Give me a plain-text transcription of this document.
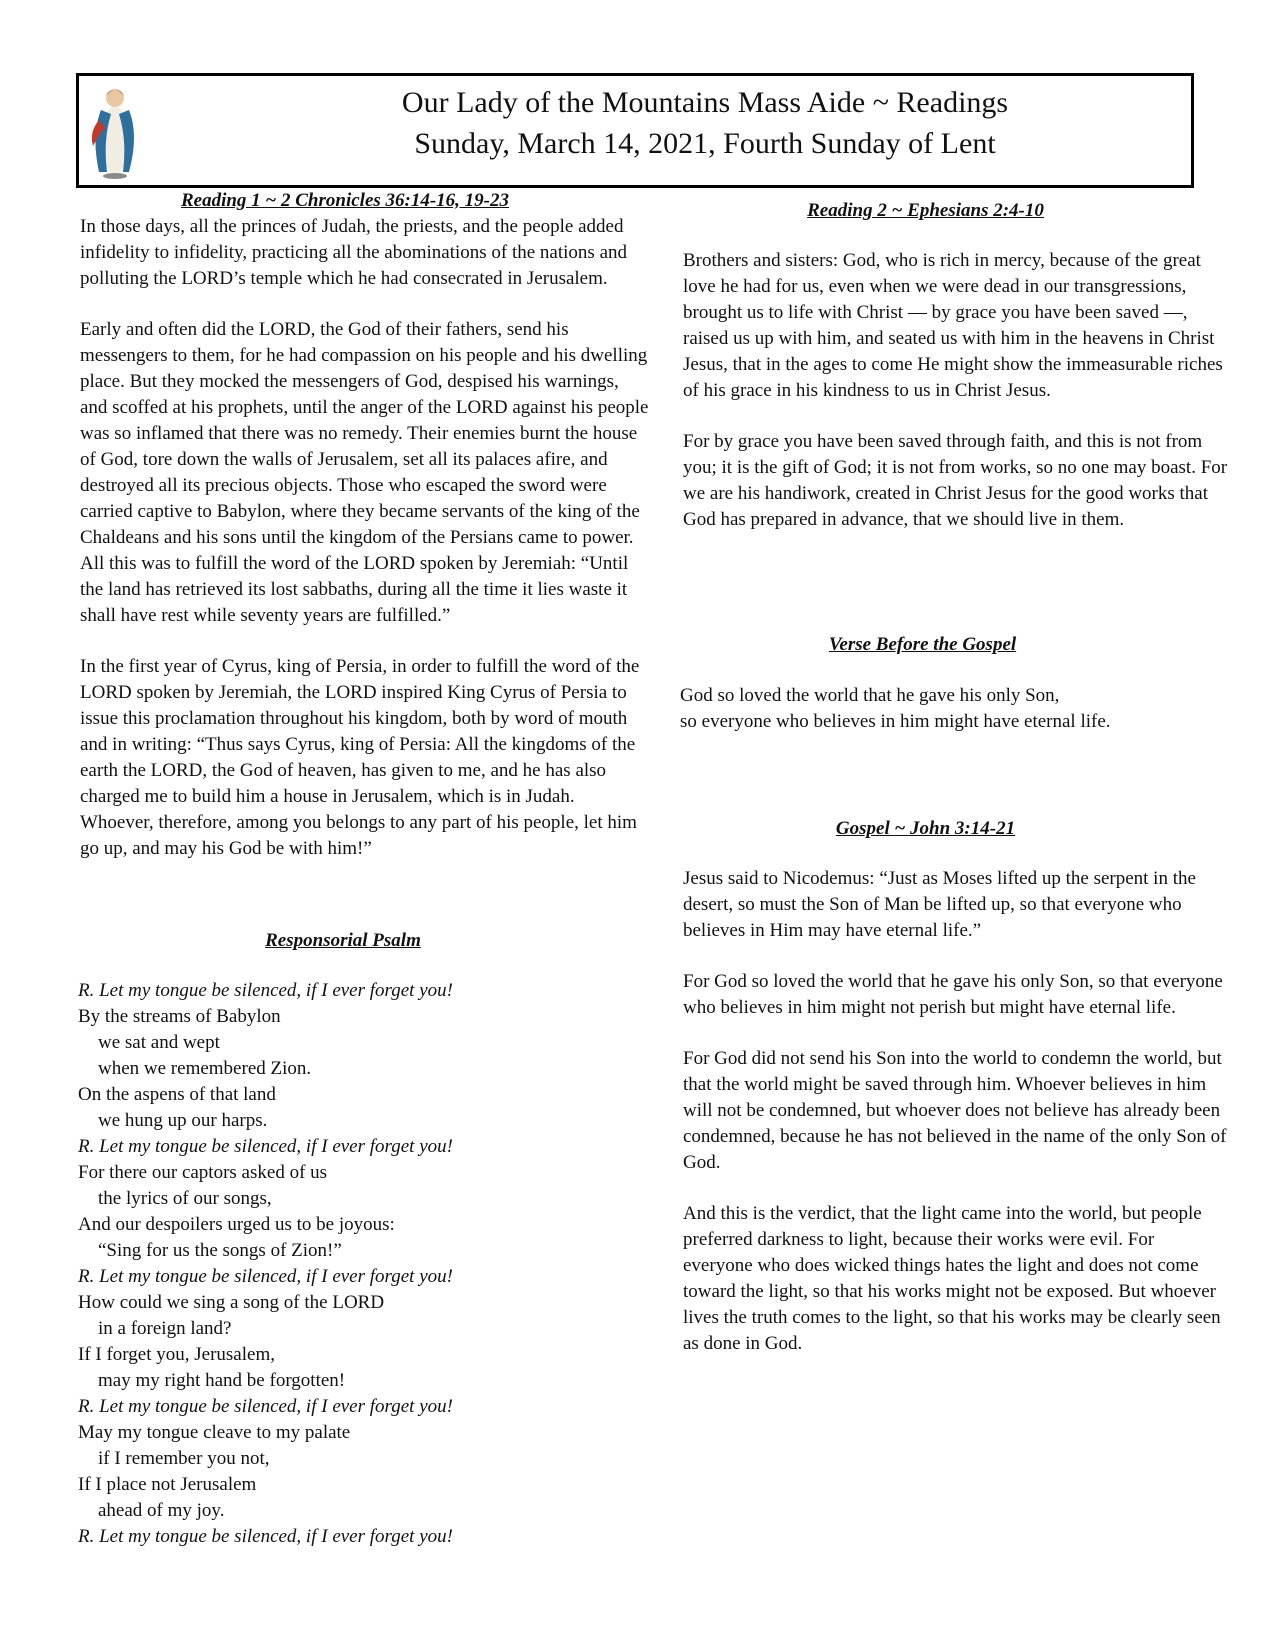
Our Lady of the Mountains Mass Aide ~ Readings
Sunday, March 14, 2021, Fourth Sunday of Lent
Reading 1 ~ 2 Chronicles 36:14-16, 19-23

In those days, all the princes of Judah, the priests, and the people added infidelity to infidelity, practicing all the abominations of the nations and polluting the LORD’s temple which he had consecrated in Jerusalem.

Early and often did the LORD, the God of their fathers, send his messengers to them, for he had compassion on his people and his dwelling place. But they mocked the messengers of God, despised his warnings, and scoffed at his prophets, until the anger of the LORD against his people was so inflamed that there was no remedy. Their enemies burnt the house of God, tore down the walls of Jerusalem, set all its palaces afire, and destroyed all its precious objects. Those who escaped the sword were carried captive to Babylon, where they became servants of the king of the Chaldeans and his sons until the kingdom of the Persians came to power. All this was to fulfill the word of the LORD spoken by Jeremiah: “Until the land has retrieved its lost sabbaths, during all the time it lies waste it shall have rest while seventy years are fulfilled.”

In the first year of Cyrus, king of Persia, in order to fulfill the word of the LORD spoken by Jeremiah, the LORD inspired King Cyrus of Persia to issue this proclamation throughout his kingdom, both by word of mouth and in writing: “Thus says Cyrus, king of Persia: All the kingdoms of the earth the LORD, the God of heaven, has given to me, and he has also charged me to build him a house in Jerusalem, which is in Judah. Whoever, therefore, among you belongs to any part of his people, let him go up, and may his God be with him!”

Responsorial Psalm
R. Let my tongue be silenced, if I ever forget you!
By the streams of Babylon
we sat and wept
when we remembered Zion.
On the aspens of that land
we hung up our harps.
R. Let my tongue be silenced, if I ever forget you!
For there our captors asked of us
the lyrics of our songs,
And our despoilers urged us to be joyous:
“Sing for us the songs of Zion!”
R. Let my tongue be silenced, if I ever forget you!
How could we sing a song of the LORD
in a foreign land?
If I forget you, Jerusalem,
may my right hand be forgotten!
R. Let my tongue be silenced, if I ever forget you!
May my tongue cleave to my palate
if I remember you not,
If I place not Jerusalem
ahead of my joy.
R. Let my tongue be silenced, if I ever forget you!
Reading 2 ~ Ephesians 2:4-10

Brothers and sisters: God, who is rich in mercy, because of the great love he had for us, even when we were dead in our transgressions, brought us to life with Christ — by grace you have been saved —, raised us up with him, and seated us with him in the heavens in Christ Jesus, that in the ages to come He might show the immeasurable riches of his grace in his kindness to us in Christ Jesus.

For by grace you have been saved through faith, and this is not from you; it is the gift of God; it is not from works, so no one may boast. For we are his handiwork, created in Christ Jesus for the good works that God has prepared in advance, that we should live in them.

Verse Before the Gospel

God so loved the world that he gave his only Son,

so everyone who believes in him might have eternal life.

Gospel ~ John 3:14-21

Jesus said to Nicodemus: “Just as Moses lifted up the serpent in the desert, so must the Son of Man be lifted up, so that everyone who believes in Him may have eternal life.”

For God so loved the world that he gave his only Son, so that everyone who believes in him might not perish but might have eternal life.

For God did not send his Son into the world to condemn the world, but that the world might be saved through him. Whoever believes in him will not be condemned, but whoever does not believe has already been condemned, because he has not believed in the name of the only Son of God.

And this is the verdict, that the light came into the world, but people preferred darkness to light, because their works were evil. For everyone who does wicked things hates the light and does not come toward the light, so that his works might not be exposed. But whoever lives the truth comes to the light, so that his works may be clearly seen as done in God.
